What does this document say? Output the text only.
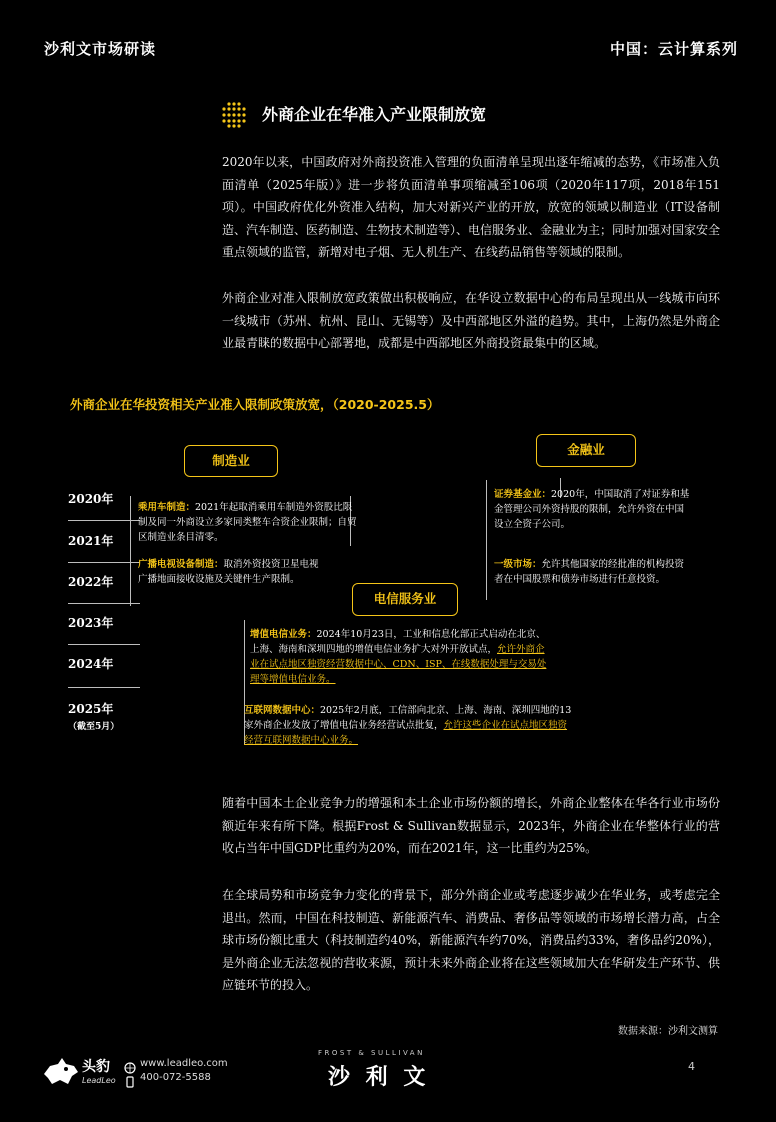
沙利文市场研读	中国：云计算系列
外商企业在华准入产业限制放宽
2020年以来，中国政府对外商投资准入管理的负面清单呈现出逐年缩减的态势，《市场准入负面清单（2025年版）》进一步将负面清单事项缩减至106项（2020年117项，2018年151项）。中国政府优化外资准入结构，加大对新兴产业的开放，放宽的领域以制造业（IT设备制造、汽车制造、医药制造、生物技术制造等）、电信服务业、金融业为主；同时加强对国家安全重点领域的监管，新增对电子烟、无人机生产、在线药品销售等领域的限制。
外商企业对准入限制放宽政策做出积极响应，在华设立数据中心的布局呈现出从一线城市向环一线城市（苏州、杭州、昆山、无锡等）及中西部地区外溢的趋势。其中，上海仍然是外商企业最青睐的数据中心部署地，成都是中西部地区外商投资最集中的区域。
外商企业在华投资相关产业准入限制政策放宽，（2020-2025.5）
制造业
金融业
电信服务业
2020年
2021年
2022年
2023年
2024年
2025年
（截至5月）
乘用车制造：2021年起取消乘用车制造外资股比限制及同一外商设立多家同类整车合资企业限制；自贸区制造业条目清零。
广播电视设备制造：取消外资投资卫星电视广播地面接收设施及关键件生产限制。
证券基金业：2020年，中国取消了对证券和基金管理公司外资持股的限制，允许外资在中国设立全资子公司。
一级市场：允许其他国家的经批准的机构投资者在中国股票和债券市场进行任意投资。
增值电信业务：2024年10月23日，工业和信息化部正式启动在北京、上海、海南和深圳四地的增值电信业务扩大对外开放试点，允许外商企业在试点地区独资经营数据中心、CDN、ISP、在线数据处理与交易处理等增值电信业务。
互联网数据中心：2025年2月底，工信部向北京、上海、海南、深圳四地的13家外商企业发放了增值电信业务经营试点批复，允许这些企业在试点地区独资经营互联网数据中心业务。
随着中国本土企业竞争力的增强和本土企业市场份额的增长，外商企业整体在华各行业市场份额近年来有所下降。根据Frost & Sullivan数据显示，2023年，外商企业在华整体行业的营收占当年中国GDP比重约为20%，而在2021年，这一比重约为25%。
在全球局势和市场竞争力变化的背景下，部分外商企业或考虑逐步减少在华业务，或考虑完全退出。然而，中国在科技制造、新能源汽车、消费品、奢侈品等领域的市场增长潜力高，占全球市场份额比重大（科技制造约40%，新能源汽车约70%，消费品约33%，奢侈品约20%），是外商企业无法忽视的营收来源，预计未来外商企业将在这些领域加大在华研发生产环节、供应链环节的投入。
数据来源：沙利文测算
头豹
LeadLeo
www.leadleo.com
400-072-5588
FROST & SULLIVAN
沙 利 文	4
